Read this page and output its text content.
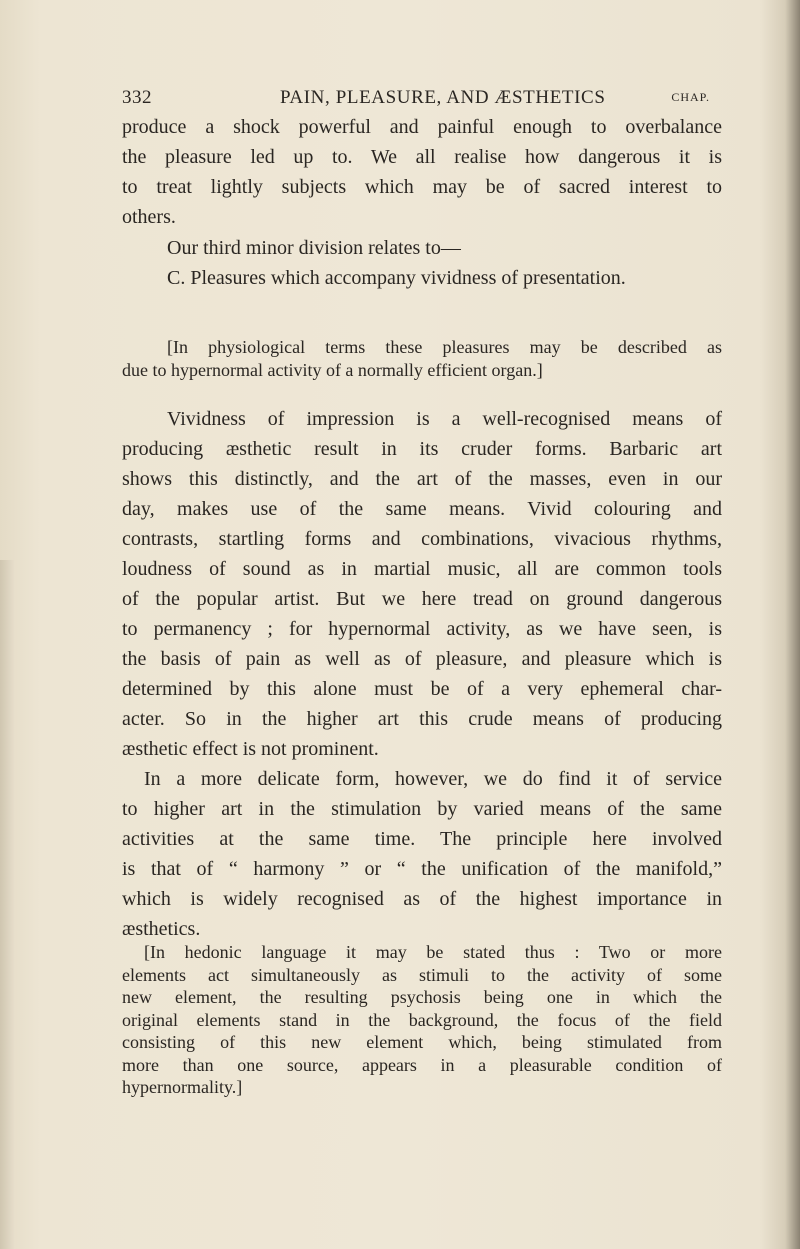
332	PAIN, PLEASURE, AND ÆSTHETICS	CHAP.
produce a shock powerful and painful enough to overbalance
the pleasure led up to. We all realise how dangerous it is
to treat lightly subjects which may be of sacred interest to
others.
Our third minor division relates to—
C. Pleasures which accompany vividness of presentation.
[In physiological terms these pleasures may be described as
due to hypernormal activity of a normally efficient organ.]
Vividness of impression is a well-recognised means of
producing æsthetic result in its cruder forms. Barbaric art
shows this distinctly, and the art of the masses, even in our
day, makes use of the same means. Vivid colouring and
contrasts, startling forms and combinations, vivacious rhythms,
loudness of sound as in martial music, all are common tools
of the popular artist. But we here tread on ground dangerous
to permanency ; for hypernormal activity, as we have seen, is
the basis of pain as well as of pleasure, and pleasure which is
determined by this alone must be of a very ephemeral char-
acter. So in the higher art this crude means of producing
æsthetic effect is not prominent.
In a more delicate form, however, we do find it of service
to higher art in the stimulation by varied means of the same
activities at the same time. The principle here involved
is that of “ harmony ” or “ the unification of the manifold,”
which is widely recognised as of the highest importance in
æsthetics.
[In hedonic language it may be stated thus : Two or more
elements act simultaneously as stimuli to the activity of some
new element, the resulting psychosis being one in which the
original elements stand in the background, the focus of the field
consisting of this new element which, being stimulated from
more than one source, appears in a pleasurable condition of
hypernormality.]
